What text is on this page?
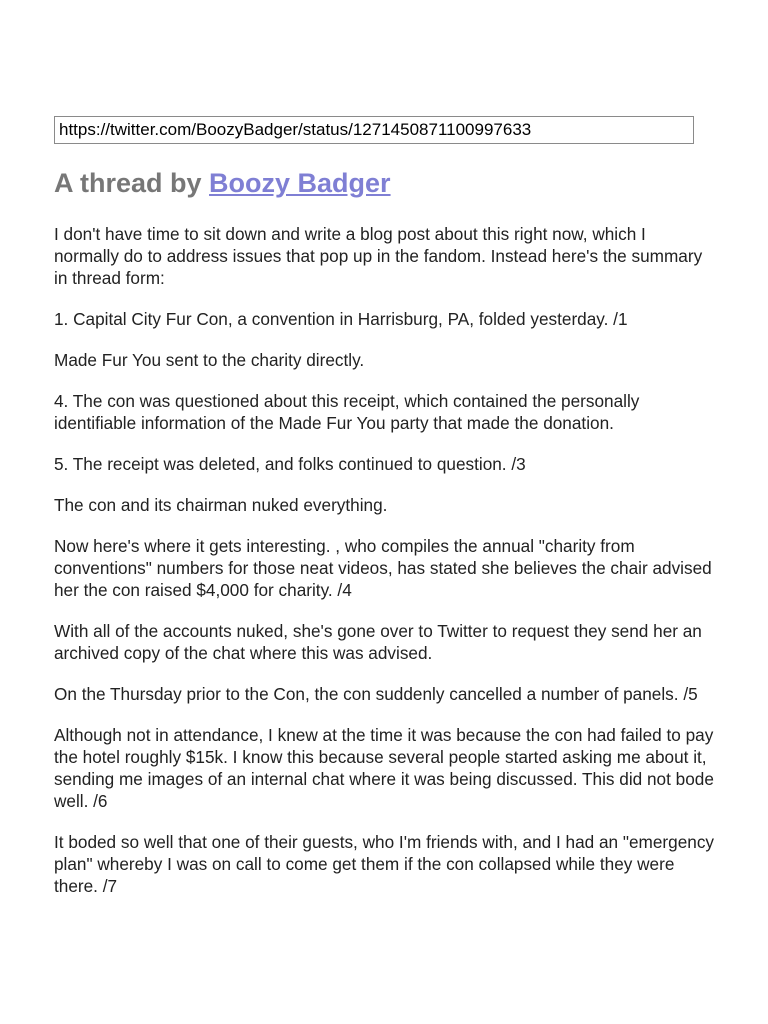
https://twitter.com/BoozyBadger/status/1271450871100997633
A thread by Boozy Badger

I don't have time to sit down and write a blog post about this right now, which I normally do to address issues that pop up in the fandom. Instead here's the summary in thread form:

1. Capital City Fur Con, a convention in Harrisburg, PA, folded yesterday. /1

Made Fur You sent to the charity directly.

4. The con was questioned about this receipt, which contained the personally identifiable information of the Made Fur You party that made the donation.

5. The receipt was deleted, and folks continued to question. /3

The con and its chairman nuked everything.

Now here's where it gets interesting. , who compiles the annual "charity from conventions" numbers for those neat videos, has stated she believes the chair advised her the con raised $4,000 for charity. /4

With all of the accounts nuked, she's gone over to Twitter to request they send her an archived copy of the chat where this was advised.

On the Thursday prior to the Con, the con suddenly cancelled a number of panels. /5

Although not in attendance, I knew at the time it was because the con had failed to pay the hotel roughly $15k. I know this because several people started asking me about it, sending me images of an internal chat where it was being discussed. This did not bode well. /6

It boded so well that one of their guests, who I'm friends with, and I had an "emergency plan" whereby I was on call to come get them if the con collapsed while they were there. /7
